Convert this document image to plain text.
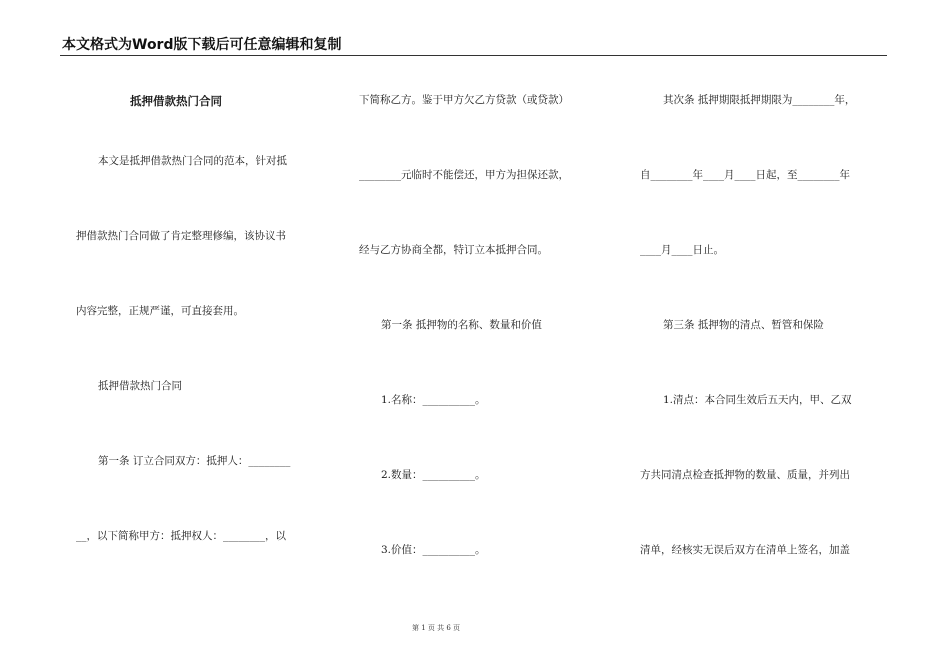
本文格式为Word版下载后可任意编辑和复制
抵押借款热门合同
本文是抵押借款热门合同的范本，针对抵
押借款热门合同做了肯定整理修编，该协议书
内容完整，正规严谨，可直接套用。
抵押借款热门合同
第一条 订立合同双方：抵押人：________
__，以下简称甲方：抵押权人：________，以
下简称乙方。鉴于甲方欠乙方贷款（或贷款）
________元临时不能偿还，甲方为担保还款，
经与乙方协商全都，特订立本抵押合同。
第一条 抵押物的名称、数量和价值
1.名称：__________。
2.数量：__________。
3.价值：__________。
其次条 抵押期限抵押期限为________年，
自________年____月____日起，至________年
____月____日止。
第三条 抵押物的清点、暂管和保险
1.清点：本合同生效后五天内，甲、乙双
方共同清点检查抵押物的数量、质量，并列出
清单，经核实无误后双方在清单上签名，加盖
第 1 页 共 6 页
